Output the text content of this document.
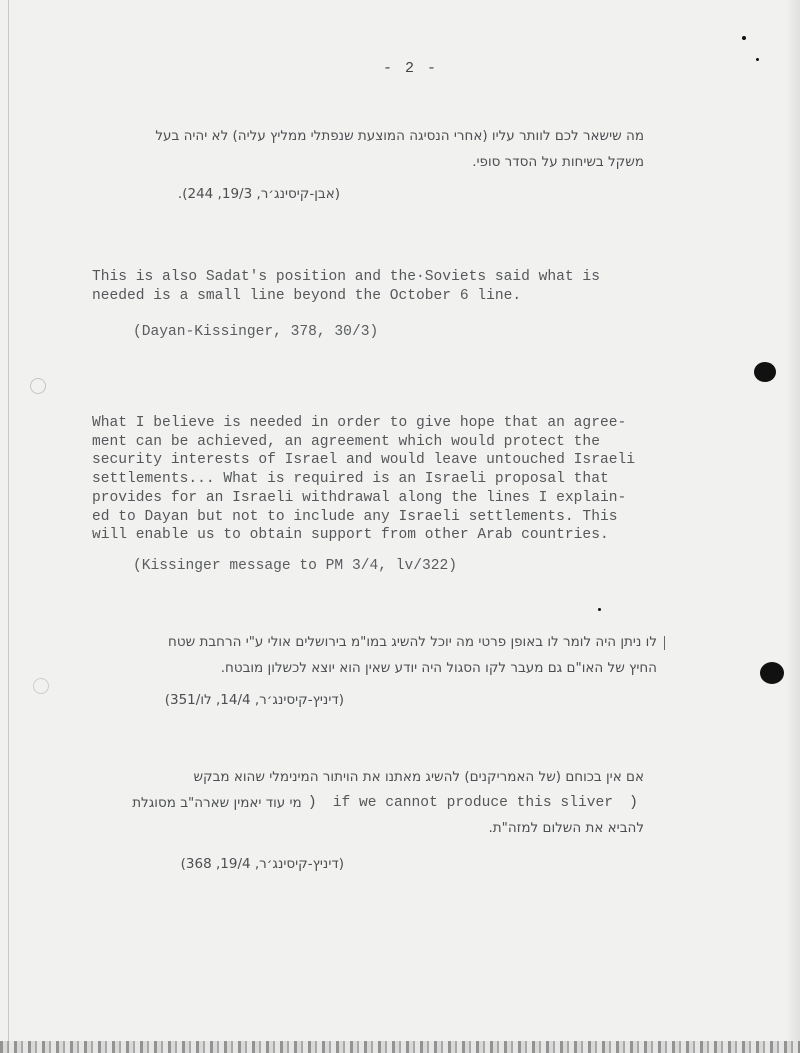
- 2 -
מה שישאר לכם לוותר עליו (אחרי הנסיגה המוצעת שנפתלי ממליץ עליה) לא יהיה בעל
משקל בשיחות על הסדר סופי.
(אבן-קיסינג׳ר, 19/3, 244).
This is also Sadat's position and the·Soviets said what is
needed is a small line beyond the October 6 line.
(Dayan-Kissinger, 378, 30/3)
What I believe is needed in order to give hope that an agree-
ment can be achieved, an agreement which would protect the
security interests of Israel and would leave untouched Israeli
settlements... What is required is an Israeli proposal that
provides for an Israeli withdrawal along the lines I explain-
ed to Dayan but not to include any Israeli settlements. This
will enable us to obtain support from other Arab countries.
(Kissinger message to PM 3/4, lv/322)
לו ניתן היה לומר לו באופן פרטי מה יוכל להשיג במו"מ בירושלים אולי ע"י הרחבת שטח
החיץ של האו"ם גם מעבר לקו הסגול היה יודע שאין הוא יוצא לכשלון מובטח.
(דיניץ-קיסינג׳ר, 14/4, לו/351)
אם אין בכוחם (של האמריקנים) להשיג מאתנו את הויתור המינימלי שהוא מבקש
מי עוד יאמין שארה"ב מסוגלת ) if we cannot produce this sliver )
להביא את השלום למזה"ת.
(דיניץ-קיסינג׳ר, 19/4, 368)
